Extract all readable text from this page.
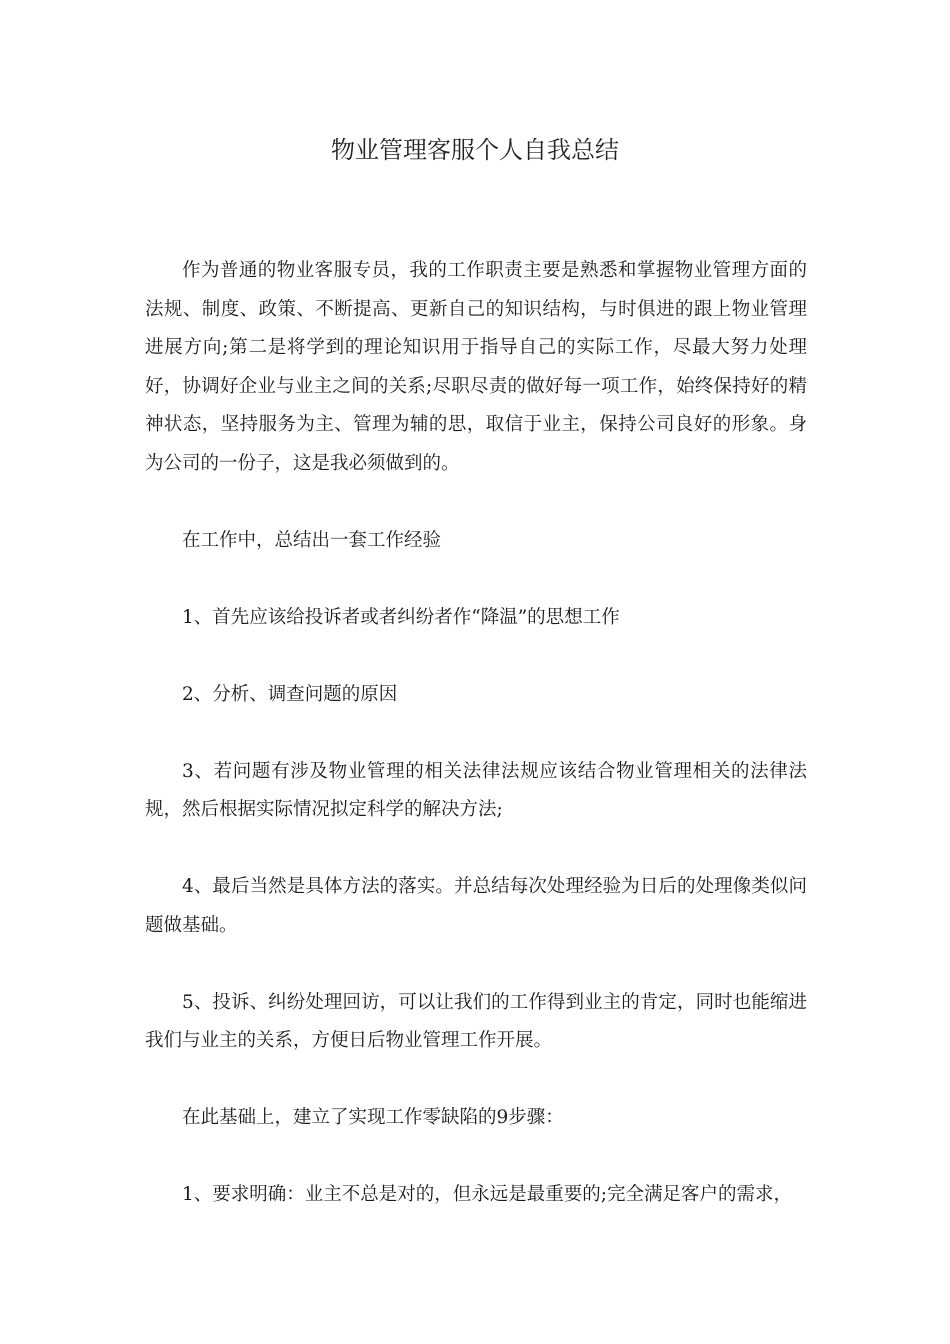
物业管理客服个人自我总结

作为普通的物业客服专员，我的工作职责主要是熟悉和掌握物业管理方面的法规、制度、政策、不断提高、更新自己的知识结构，与时俱进的跟上物业管理进展方向;第二是将学到的理论知识用于指导自己的实际工作，尽最大努力处理好，协调好企业与业主之间的关系;尽职尽责的做好每一项工作，始终保持好的精神状态，坚持服务为主、管理为辅的思，取信于业主，保持公司良好的形象。身为公司的一份子，这是我必须做到的。

在工作中，总结出一套工作经验

1、首先应该给投诉者或者纠纷者作“降温”的思想工作

2、分析、调查问题的原因

3、若问题有涉及物业管理的相关法律法规应该结合物业管理相关的法律法规，然后根据实际情况拟定科学的解决方法;

4、最后当然是具体方法的落实。并总结每次处理经验为日后的处理像类似问题做基础。

5、投诉、纠纷处理回访，可以让我们的工作得到业主的肯定，同时也能缩进我们与业主的关系，方便日后物业管理工作开展。

在此基础上，建立了实现工作零缺陷的9步骤：

1、要求明确：业主不总是对的，但永远是最重要的;完全满足客户的需求，
